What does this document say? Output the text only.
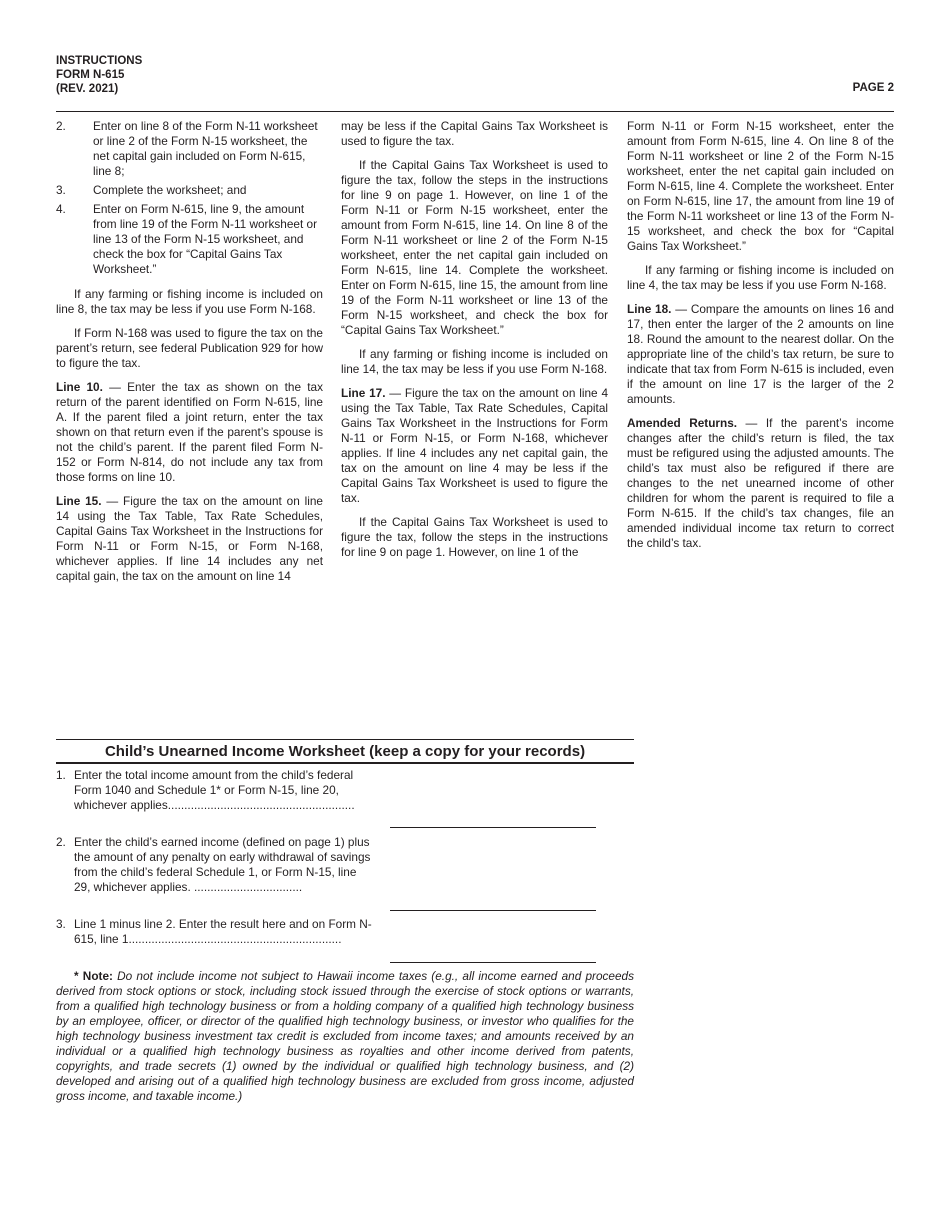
INSTRUCTIONS
FORM N-615
(REV. 2021)	PAGE 2
2.	Enter on line 8 of the Form N-11 worksheet or line 2 of the Form N-15 worksheet, the net capital gain included on Form N-615, line 8;
3.	Complete the worksheet; and
4.	Enter on Form N-615, line 9, the amount from line 19 of the Form N-11 worksheet or line 13 of the Form N-15 worksheet, and check the box for “Capital Gains Tax Worksheet.”

If any farming or fishing income is included on line 8, the tax may be less if you use Form N-168.

If Form N-168 was used to figure the tax on the parent’s return, see federal Publication 929 for how to figure the tax.

Line 10. — Enter the tax as shown on the tax return of the parent identified on Form N-615, line A. If the parent filed a joint return, enter the tax shown on that return even if the parent’s spouse is not the child’s parent. If the parent filed Form N-152 or Form N-814, do not include any tax from those forms on line 10.

Line 15. — Figure the tax on the amount on line 14 using the Tax Table, Tax Rate Schedules, Capital Gains Tax Worksheet in the Instructions for Form N-11 or Form N-15, or Form N-168, whichever applies. If line 14 includes any net capital gain, the tax on the amount on line 14

may be less if the Capital Gains Tax Worksheet is used to figure the tax.

If the Capital Gains Tax Worksheet is used to figure the tax, follow the steps in the instructions for line 9 on page 1. However, on line 1 of the Form N-11 or Form N-15 worksheet, enter the amount from Form N-615, line 14. On line 8 of the Form N-11 worksheet or line 2 of the Form N-15 worksheet, enter the net capital gain included on Form N-615, line 14. Complete the worksheet. Enter on Form N-615, line 15, the amount from line 19 of the Form N-11 worksheet or line 13 of the Form N-15 worksheet, and check the box for “Capital Gains Tax Worksheet.”

If any farming or fishing income is included on line 14, the tax may be less if you use Form N-168.

Line 17. — Figure the tax on the amount on line 4 using the Tax Table, Tax Rate Schedules, Capital Gains Tax Worksheet in the Instructions for Form N-11 or Form N-15, or Form N-168, whichever applies. If line 4 includes any net capital gain, the tax on the amount on line 4 may be less if the Capital Gains Tax Worksheet is used to figure the tax.

If the Capital Gains Tax Worksheet is used to figure the tax, follow the steps in the instructions for line 9 on page 1. However, on line 1 of the

Form N-11 or Form N-15 worksheet, enter the amount from Form N-615, line 4. On line 8 of the Form N-11 worksheet or line 2 of the Form N-15 worksheet, enter the net capital gain included on Form N-615, line 4. Complete the worksheet. Enter on Form N-615, line 17, the amount from line 19 of the Form N-11 worksheet or line 13 of the Form N-15 worksheet, and check the box for “Capital Gains Tax Worksheet.”

If any farming or fishing income is included on line 4, the tax may be less if you use Form N-168.

Line 18. — Compare the amounts on lines 16 and 17, then enter the larger of the 2 amounts on line 18. Round the amount to the nearest dollar. On the appropriate line of the child’s tax return, be sure to indicate that tax from Form N-615 is included, even if the amount on line 17 is the larger of the 2 amounts.

Amended Returns. — If the parent’s income changes after the child’s return is filed, the tax must be refigured using the adjusted amounts. The child’s tax must also be refigured if there are changes to the net unearned income of other children for whom the parent is required to file a Form N-615. If the child’s tax changes, file an amended individual income tax return to correct the child’s tax.

Child’s Unearned Income Worksheet (keep a copy for your records)
1. Enter the total income amount from the child’s federal Form 1040 and Schedule 1* or Form N-15, line 20, whichever applies.........................................................
2. Enter the child’s earned income (defined on page 1) plus the amount of any penalty on early withdrawal of savings from the child’s federal Schedule 1, or Form N-15, line 29, whichever applies. .................................
3. Line 1 minus line 2. Enter the result here and on Form N-615, line 1.................................................................
* Note: Do not include income not subject to Hawaii income taxes (e.g., all income earned and proceeds derived from stock options or stock, including stock issued through the exercise of stock options or warrants, from a qualified high technology business or from a holding company of a qualified high technology business by an employee, officer, or director of the qualified high technology business, or investor who qualifies for the high technology business investment tax credit is excluded from income taxes; and amounts received by an individual or a qualified high technology business as royalties and other income derived from patents, copyrights, and trade secrets (1) owned by the individual or qualified high technology business, and (2) developed and arising out of a qualified high technology business are excluded from gross income, adjusted gross income, and taxable income.)
